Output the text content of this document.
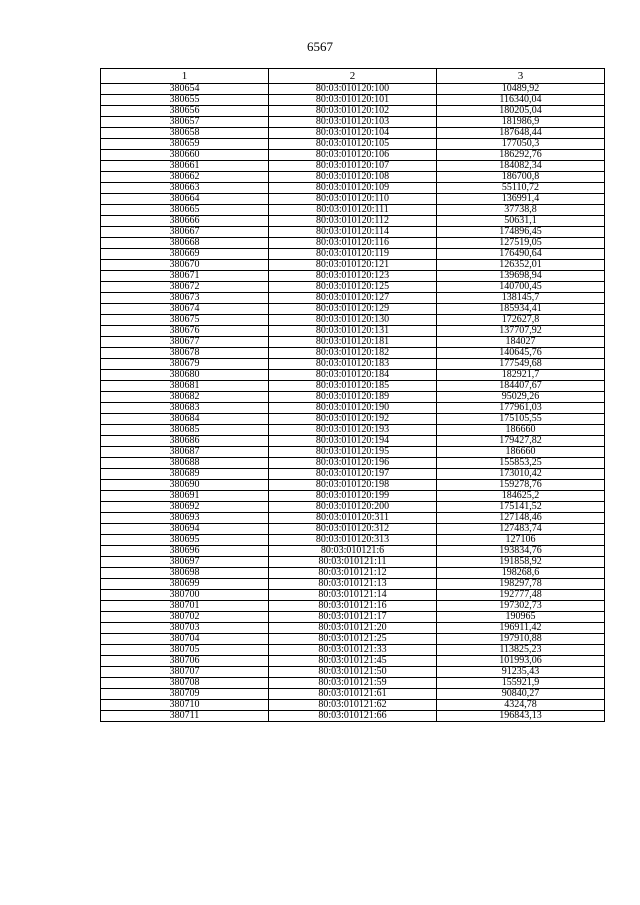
6567
1	2	3
380654	80:03:010120:100	10489,92
380655	80:03:010120:101	116340,04
380656	80:03:010120:102	180205,04
380657	80:03:010120:103	181986,9
380658	80:03:010120:104	187648,44
380659	80:03:010120:105	177050,3
380660	80:03:010120:106	186292,76
380661	80:03:010120:107	184082,34
380662	80:03:010120:108	186700,8
380663	80:03:010120:109	55110,72
380664	80:03:010120:110	136991,4
380665	80:03:010120:111	37738,8
380666	80:03:010120:112	50631,1
380667	80:03:010120:114	174896,45
380668	80:03:010120:116	127519,05
380669	80:03:010120:119	176490,64
380670	80:03:010120:121	126352,01
380671	80:03:010120:123	139698,94
380672	80:03:010120:125	140700,45
380673	80:03:010120:127	138145,7
380674	80:03:010120:129	185934,41
380675	80:03:010120:130	172627,8
380676	80:03:010120:131	137707,92
380677	80:03:010120:181	184027
380678	80:03:010120:182	140645,76
380679	80:03:010120:183	177549,68
380680	80:03:010120:184	182921,7
380681	80:03:010120:185	184407,67
380682	80:03:010120:189	95029,26
380683	80:03:010120:190	177961,03
380684	80:03:010120:192	175105,55
380685	80:03:010120:193	186660
380686	80:03:010120:194	179427,82
380687	80:03:010120:195	186660
380688	80:03:010120:196	155853,25
380689	80:03:010120:197	173010,42
380690	80:03:010120:198	159278,76
380691	80:03:010120:199	184625,2
380692	80:03:010120:200	175141,52
380693	80:03:010120:311	127148,46
380694	80:03:010120:312	127483,74
380695	80:03:010120:313	127106
380696	80:03:010121:6	193834,76
380697	80:03:010121:11	191858,92
380698	80:03:010121:12	198268,6
380699	80:03:010121:13	198297,78
380700	80:03:010121:14	192777,48
380701	80:03:010121:16	197302,73
380702	80:03:010121:17	190965
380703	80:03:010121:20	196911,42
380704	80:03:010121:25	197910,88
380705	80:03:010121:33	113825,23
380706	80:03:010121:45	101993,06
380707	80:03:010121:50	91235,43
380708	80:03:010121:59	155921,9
380709	80:03:010121:61	90840,27
380710	80:03:010121:62	4324,78
380711	80:03:010121:66	196843,13
